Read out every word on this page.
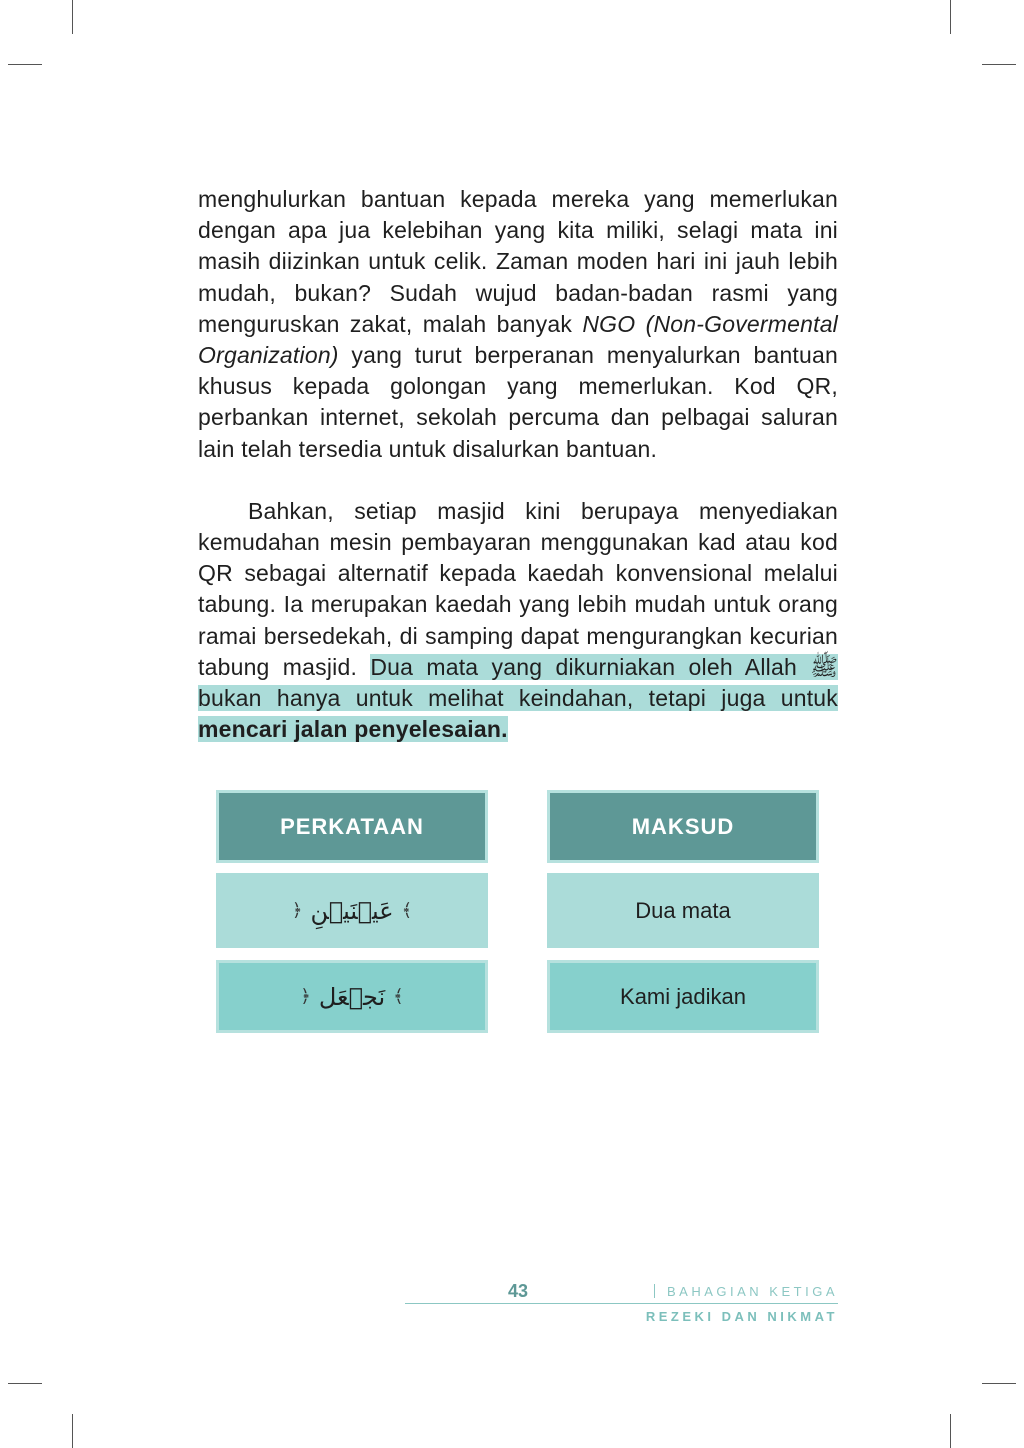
menghulurkan bantuan kepada mereka yang memerlukan dengan apa jua kelebihan yang kita miliki, selagi mata ini masih diizinkan untuk celik. Zaman moden hari ini jauh lebih mudah, bukan? Sudah wujud badan-badan rasmi yang menguruskan zakat, malah banyak NGO (Non-Govermental Organization) yang turut berperanan menyalurkan bantuan khusus kepada golongan yang memerlukan. Kod QR, perbankan internet, sekolah percuma dan pelbagai saluran lain telah tersedia untuk disalurkan bantuan.

Bahkan, setiap masjid kini berupaya menyediakan kemudahan mesin pembayaran menggunakan kad atau kod QR sebagai alternatif kepada kaedah konvensional melalui tabung. Ia merupakan kaedah yang lebih mudah untuk orang ramai bersedekah, di samping dapat mengurangkan kecurian tabung masjid. Dua mata yang dikurniakan oleh Allah ﷺ bukan hanya untuk melihat keindahan, tetapi juga untuk mencari jalan penyelesaian.

PERKATAAN	MAKSUD
﴿ عَيۡنَيۡنِ ﴾	Dua mata
﴿ نَجۡعَل ﴾	Kami jadikan
43	BAHAGIAN KETIGA
REZEKI DAN NIKMAT
